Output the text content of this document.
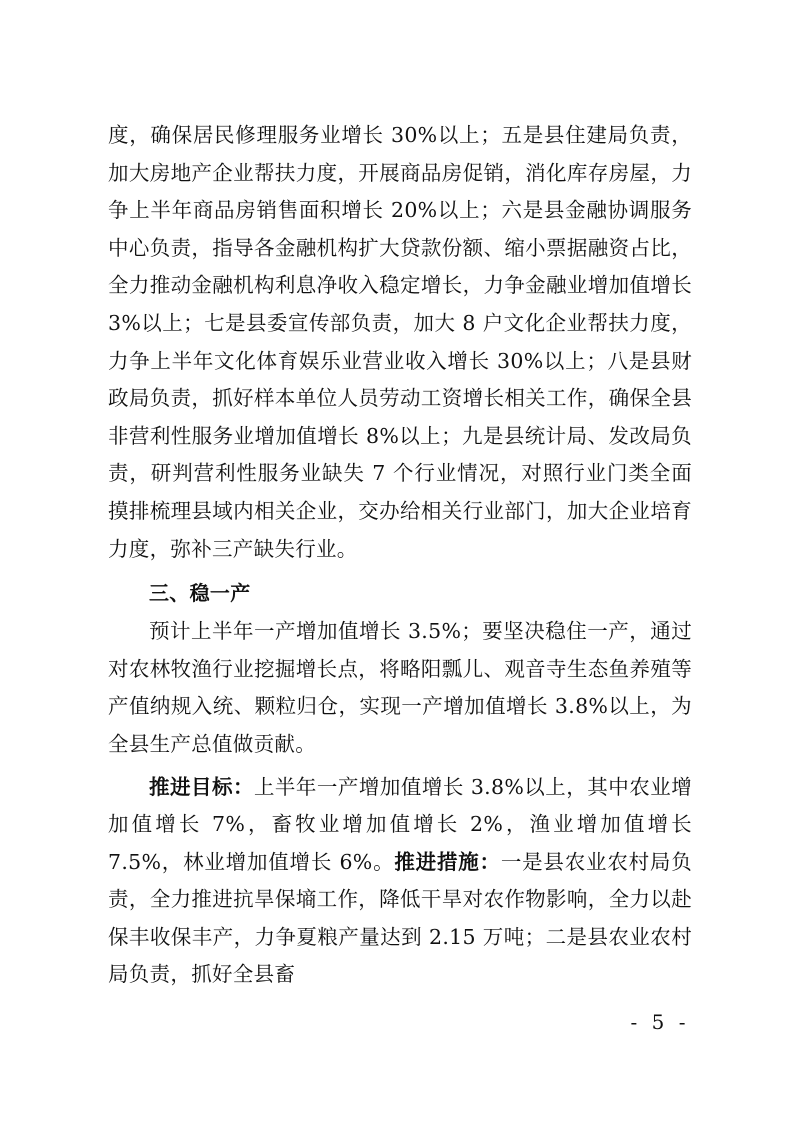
度，确保居民修理服务业增长 30%以上；五是县住建局负责，加大房地产企业帮扶力度，开展商品房促销，消化库存房屋，力争上半年商品房销售面积增长 20%以上；六是县金融协调服务中心负责，指导各金融机构扩大贷款份额、缩小票据融资占比，全力推动金融机构利息净收入稳定增长，力争金融业增加值增长 3%以上；七是县委宣传部负责，加大 8 户文化企业帮扶力度，力争上半年文化体育娱乐业营业收入增长 30%以上；八是县财政局负责，抓好样本单位人员劳动工资增长相关工作，确保全县非营利性服务业增加值增长 8%以上；九是县统计局、发改局负责，研判营利性服务业缺失 7 个行业情况，对照行业门类全面摸排梳理县域内相关企业，交办给相关行业部门，加大企业培育力度，弥补三产缺失行业。

三、稳一产

预计上半年一产增加值增长 3.5%；要坚决稳住一产，通过对农林牧渔行业挖掘增长点，将略阳瓢儿、观音寺生态鱼养殖等产值纳规入统、颗粒归仓，实现一产增加值增长 3.8%以上，为全县生产总值做贡献。

推进目标：上半年一产增加值增长 3.8%以上，其中农业增加值增长 7%，畜牧业增加值增长 2%，渔业增加值增长 7.5%，林业增加值增长 6%。推进措施：一是县农业农村局负责，全力推进抗旱保墒工作，降低干旱对农作物影响，全力以赴保丰收保丰产，力争夏粮产量达到 2.15 万吨；二是县农业农村局负责，抓好全县畜

- 5 -
